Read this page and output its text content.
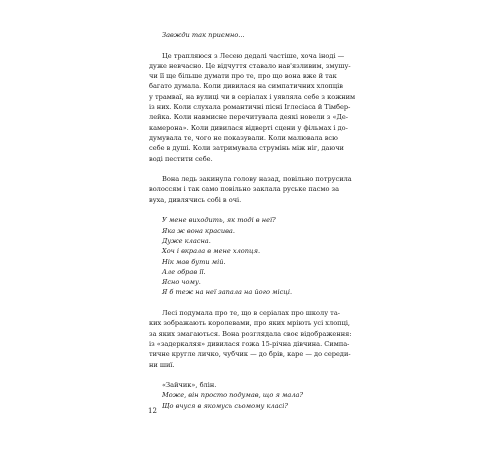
Завжди так приємно...

Це трапляюся з Лесею дедалі частіше, хоча іноді —
дуже невчасно. Це відчуття ставало нав'язливим, змушу-
чи її ще більше думати про те, про що вона вже й так
багато думала. Коли дивилася на симпатичних хлопців
у трамваї, на вулиці чи в серіалах і уявляла себе з кожним
із них. Коли слухала романтичні пісні Іглесіаса й Тімбер-
лейка. Коли навмисне перечитувала деякі новели з «Де-
камерона». Коли дивилася відверті сцени у фільмах і до-
думувала те, чого не показували. Коли малювала всю
себе в душі. Коли затримувала струмінь між ніг, даючи
воді пестити себе.

Вона ледь закинула голову назад, повільно потрусила
волоссям і так само повільно заклала руське пасмо за
вуха, дивлячись собі в очі.

У мене виходить, як тоді в неї?
Яка ж вона красива.
Дуже класна.
Хоч і вкрала в мене хлопця.
Нік мав бути мій.
Але обрав її.
Ясно чому.
Я б теж на неї запала на його місці.

Лесі подумала про те, що в серіалах про школу та-
ких зображають королевами, про яких мріють усі хлопці,
за яких змагаються. Вона розглядала своє відображення:
із «задеркаляя» дивилася гожа 15-річна дівчина. Симпа-
тичне кругле личко, чубчик — до брів, каре — до середи-
ни шиї.

«Зайчик», блін.

Може, він просто подумав, що я мала?
Що вчуся в якомусь сьомому класі?

12
